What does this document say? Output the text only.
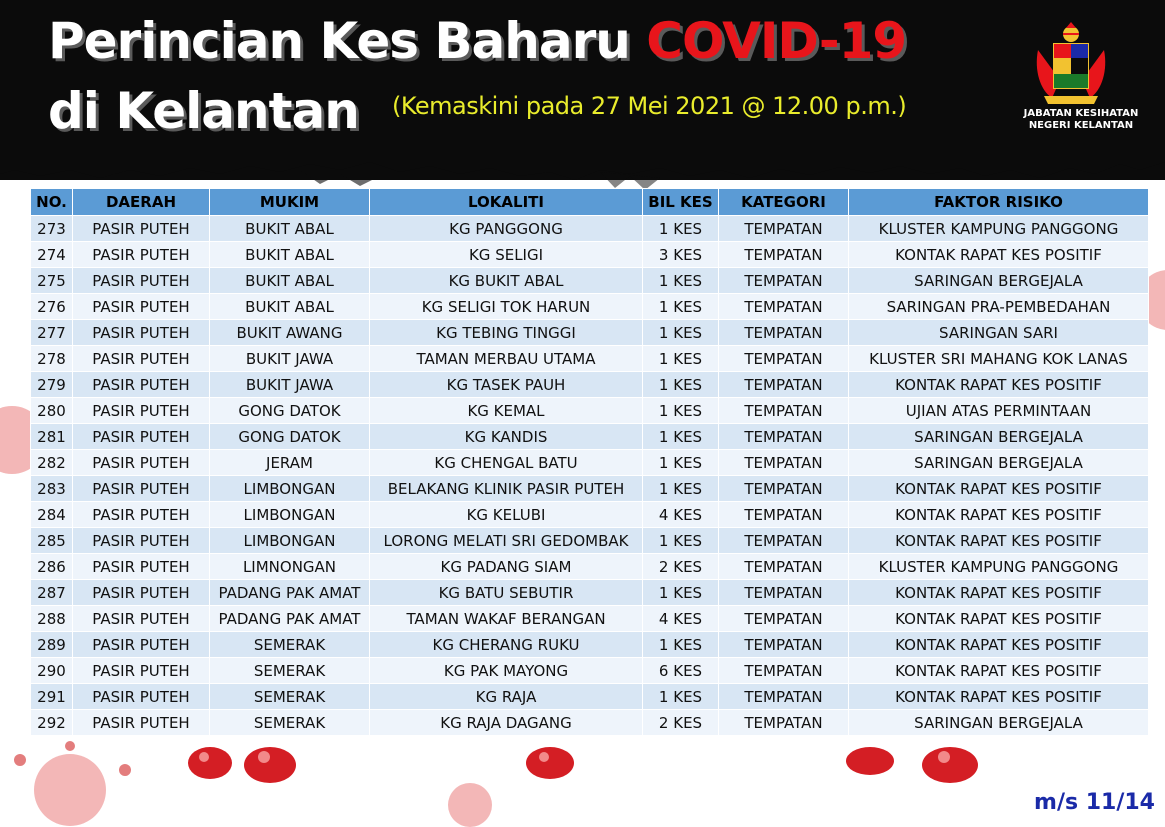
Perincian Kes Baharu COVID-19
di Kelantan (Kemaskini pada 27 Mei 2021 @ 12.00 p.m.)	JABATAN KESIHATAN
NEGERI KELANTAN
NO.	DAERAH	MUKIM	LOKALITI	BIL KES	KATEGORI	FAKTOR RISIKO
273	PASIR PUTEH	BUKIT ABAL	KG PANGGONG	1 KES	TEMPATAN	KLUSTER KAMPUNG PANGGONG
274	PASIR PUTEH	BUKIT ABAL	KG SELIGI	3 KES	TEMPATAN	KONTAK RAPAT KES POSITIF
275	PASIR PUTEH	BUKIT ABAL	KG BUKIT ABAL	1 KES	TEMPATAN	SARINGAN BERGEJALA
276	PASIR PUTEH	BUKIT ABAL	KG SELIGI TOK HARUN	1 KES	TEMPATAN	SARINGAN PRA-PEMBEDAHAN
277	PASIR PUTEH	BUKIT AWANG	KG TEBING TINGGI	1 KES	TEMPATAN	SARINGAN SARI
278	PASIR PUTEH	BUKIT JAWA	TAMAN MERBAU UTAMA	1 KES	TEMPATAN	KLUSTER SRI MAHANG KOK LANAS
279	PASIR PUTEH	BUKIT JAWA	KG TASEK PAUH	1 KES	TEMPATAN	KONTAK RAPAT KES POSITIF
280	PASIR PUTEH	GONG DATOK	KG KEMAL	1 KES	TEMPATAN	UJIAN ATAS PERMINTAAN
281	PASIR PUTEH	GONG DATOK	KG KANDIS	1 KES	TEMPATAN	SARINGAN BERGEJALA
282	PASIR PUTEH	JERAM	KG CHENGAL BATU	1 KES	TEMPATAN	SARINGAN BERGEJALA
283	PASIR PUTEH	LIMBONGAN	BELAKANG KLINIK PASIR PUTEH	1 KES	TEMPATAN	KONTAK RAPAT KES POSITIF
284	PASIR PUTEH	LIMBONGAN	KG KELUBI	4 KES	TEMPATAN	KONTAK RAPAT KES POSITIF
285	PASIR PUTEH	LIMBONGAN	LORONG MELATI SRI GEDOMBAK	1 KES	TEMPATAN	KONTAK RAPAT KES POSITIF
286	PASIR PUTEH	LIMNONGAN	KG PADANG SIAM	2 KES	TEMPATAN	KLUSTER KAMPUNG PANGGONG
287	PASIR PUTEH	PADANG PAK AMAT	KG BATU SEBUTIR	1 KES	TEMPATAN	KONTAK RAPAT KES POSITIF
288	PASIR PUTEH	PADANG PAK AMAT	TAMAN WAKAF BERANGAN	4 KES	TEMPATAN	KONTAK RAPAT KES POSITIF
289	PASIR PUTEH	SEMERAK	KG CHERANG RUKU	1 KES	TEMPATAN	KONTAK RAPAT KES POSITIF
290	PASIR PUTEH	SEMERAK	KG PAK MAYONG	6 KES	TEMPATAN	KONTAK RAPAT KES POSITIF
291	PASIR PUTEH	SEMERAK	KG RAJA	1 KES	TEMPATAN	KONTAK RAPAT KES POSITIF
292	PASIR PUTEH	SEMERAK	KG RAJA DAGANG	2 KES	TEMPATAN	SARINGAN BERGEJALA
m/s 11/14
